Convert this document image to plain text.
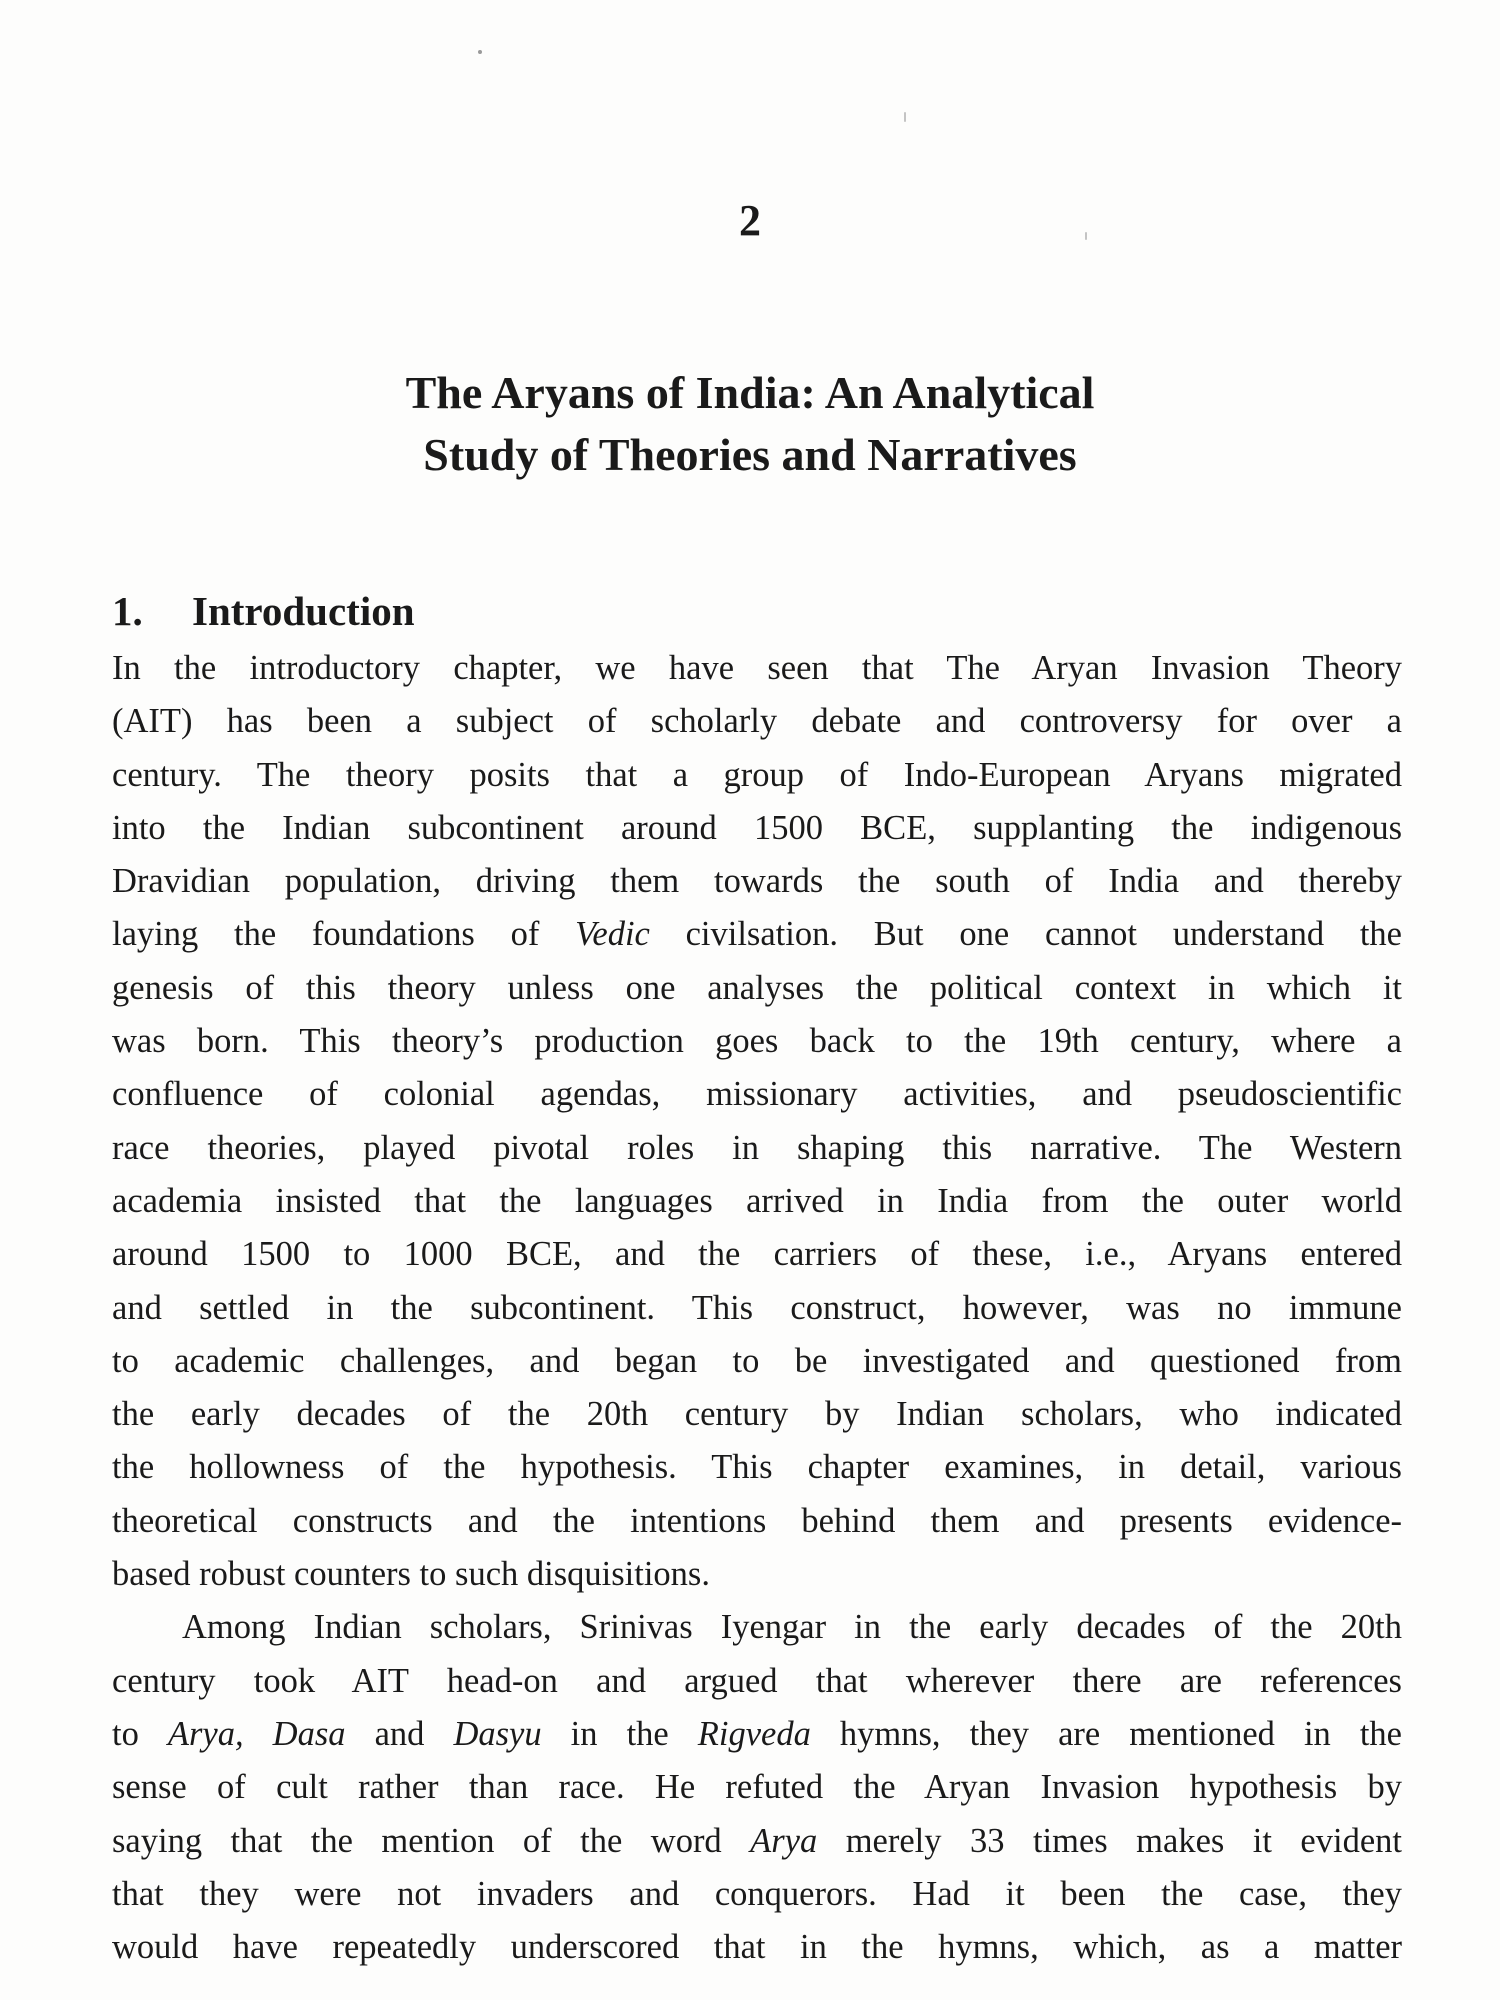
2
The Aryans of India: An Analytical
Study of Theories and Narratives
1. Introduction

In the introductory chapter, we have seen that The Aryan Invasion Theory
(AIT) has been a subject of scholarly debate and controversy for over a
century. The theory posits that a group of Indo-European Aryans migrated
into the Indian subcontinent around 1500 BCE, supplanting the indigenous
Dravidian population, driving them towards the south of India and thereby
laying the foundations of Vedic civilsation. But one cannot understand the
genesis of this theory unless one analyses the political context in which it
was born. This theory’s production goes back to the 19th century, where a
confluence of colonial agendas, missionary activities, and pseudoscientific
race theories, played pivotal roles in shaping this narrative. The Western
academia insisted that the languages arrived in India from the outer world
around 1500 to 1000 BCE, and the carriers of these, i.e., Aryans entered
and settled in the subcontinent. This construct, however, was no immune
to academic challenges, and began to be investigated and questioned from
the early decades of the 20th century by Indian scholars, who indicated
the hollowness of the hypothesis. This chapter examines, in detail, various
theoretical constructs and the intentions behind them and presents evidence-
based robust counters to such disquisitions.

Among Indian scholars, Srinivas Iyengar in the early decades of the 20th
century took AIT head-on and argued that wherever there are references
to Arya, Dasa and Dasyu in the Rigveda hymns, they are mentioned in the
sense of cult rather than race. He refuted the Aryan Invasion hypothesis by
saying that the mention of the word Arya merely 33 times makes it evident
that they were not invaders and conquerors. Had it been the case, they
would have repeatedly underscored that in the hymns, which, as a matter
